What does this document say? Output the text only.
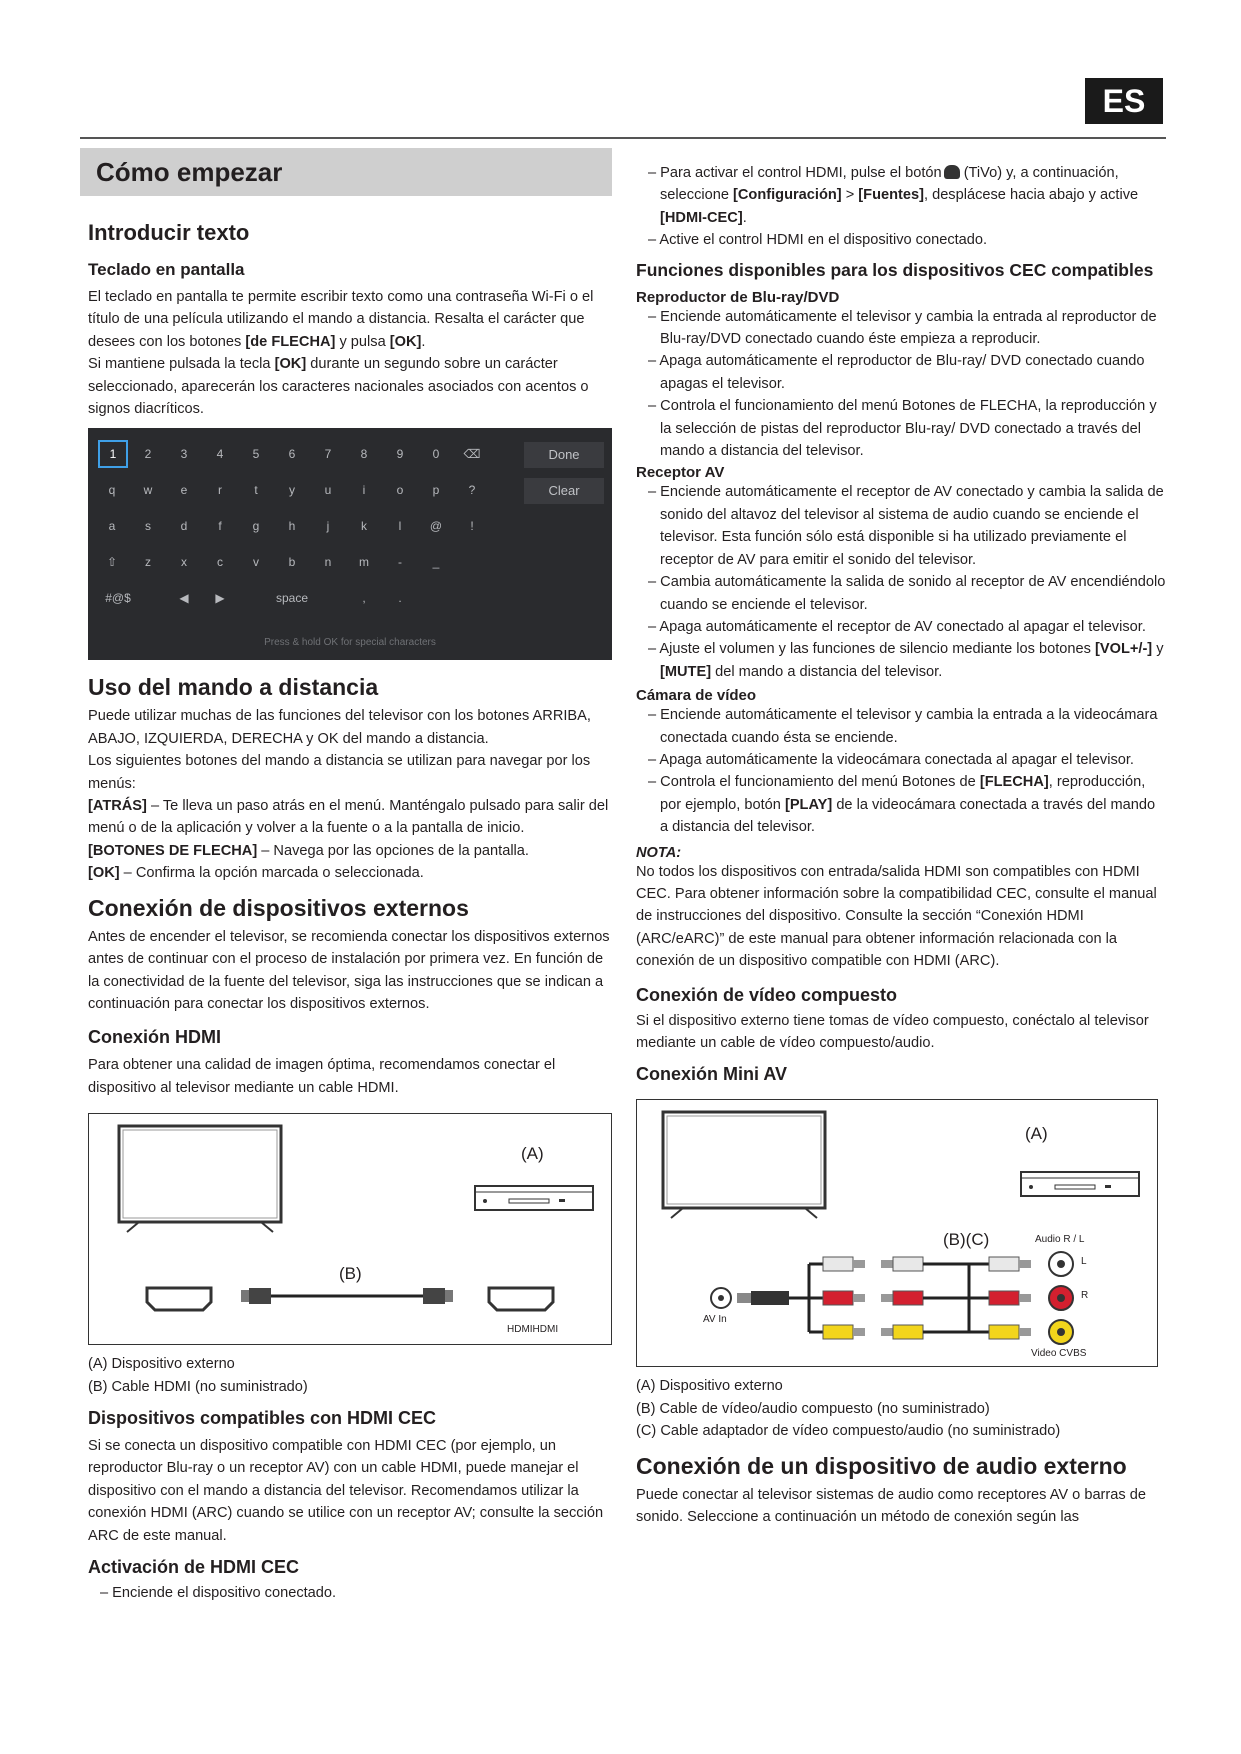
ES
Cómo empezar
Introducir texto
Teclado en pantalla

El teclado en pantalla te permite escribir texto como una contraseña Wi-Fi o el título de una película utilizando el mando a distancia. Resalta el carácter que desees con los botones [de FLECHA] y pulsa [OK].

Si mantiene pulsada la tecla [OK] durante un segundo sobre un carácter seleccionado, aparecerán los caracteres nacionales asociados con acentos o signos diacríticos.

1	2	3	4	5	6	7	8	9	0	⌫
q	w	e	r	t	y	u	i	o	p	?
a	s	d	f	g	h	j	k	l	@	!
⇧	z	x	c	v	b	n	m	-	_
#@$	◀	▶	space	,	.
Done
Clear
Press & hold OK for special characters
Uso del mando a distancia

Puede utilizar muchas de las funciones del televisor con los botones ARRIBA, ABAJO, IZQUIERDA, DERECHA y OK del mando a distancia.

Los siguientes botones del mando a distancia se utilizan para navegar por los menús:

[ATRÁS] – Te lleva un paso atrás en el menú. Manténgalo pulsado para salir del menú o de la aplicación y volver a la fuente o a la pantalla de inicio.

[BOTONES DE FLECHA] – Navega por las opciones de la pantalla.

[OK] – Confirma la opción marcada o seleccionada.

Conexión de dispositivos externos

Antes de encender el televisor, se recomienda conectar los dispositivos externos antes de continuar con el proceso de instalación por primera vez. En función de la conectividad de la fuente del televisor, siga las instrucciones que se indican a continuación para conectar los dispositivos externos.

Conexión HDMI

Para obtener una calidad de imagen óptima, recomendamos conectar el dispositivo al televisor mediante un cable HDMI.

(A)
(B)
HDMIHDMI
(A) Dispositivo externo
(B) Cable HDMI (no suministrado)
Dispositivos compatibles con HDMI CEC

Si se conecta un dispositivo compatible con HDMI CEC (por ejemplo, un reproductor Blu-ray o un receptor AV) con un cable HDMI, puede manejar el dispositivo con el mando a distancia del televisor. Recomendamos utilizar la conexión HDMI (ARC) cuando se utilice con un receptor AV; consulte la sección ARC de este manual.

Activación de HDMI CEC
– Enciende el dispositivo conectado.
– Para activar el control HDMI, pulse el botón (TiVo) y, a continuación, seleccione [Configuración] > [Fuentes], desplácese hacia abajo y active [HDMI-CEC].
– Active el control HDMI en el dispositivo conectado.
Funciones disponibles para los dispositivos CEC compatibles
Reproductor de Blu-ray/DVD
– Enciende automáticamente el televisor y cambia la entrada al reproductor de Blu-ray/DVD conectado cuando éste empieza a reproducir.
– Apaga automáticamente el reproductor de Blu-ray/ DVD conectado cuando apagas el televisor.
– Controla el funcionamiento del menú Botones de FLECHA, la reproducción y la selección de pistas del reproductor Blu-ray/ DVD conectado a través del mando a distancia del televisor.
Receptor AV
– Enciende automáticamente el receptor de AV conectado y cambia la salida de sonido del altavoz del televisor al sistema de audio cuando se enciende el televisor. Esta función sólo está disponible si ha utilizado previamente el receptor de AV para emitir el sonido del televisor.
– Cambia automáticamente la salida de sonido al receptor de AV encendiéndolo cuando se enciende el televisor.
– Apaga automáticamente el receptor de AV conectado al apagar el televisor.
– Ajuste el volumen y las funciones de silencio mediante los botones [VOL+/-] y [MUTE] del mando a distancia del televisor.
Cámara de vídeo
– Enciende automáticamente el televisor y cambia la entrada a la videocámara conectada cuando ésta se enciende.
– Apaga automáticamente la videocámara conectada al apagar el televisor.
– Controla el funcionamiento del menú Botones de [FLECHA], reproducción, por ejemplo, botón [PLAY] de la videocámara conectada a través del mando a distancia del televisor.
NOTA:

No todos los dispositivos con entrada/salida HDMI son compatibles con HDMI CEC. Para obtener información sobre la compatibilidad CEC, consulte el manual de instrucciones del dispositivo. Consulte la sección “Conexión HDMI (ARC/eARC)” de este manual para obtener información relacionada con la conexión de un dispositivo compatible con HDMI (ARC).

Conexión de vídeo compuesto

Si el dispositivo externo tiene tomas de vídeo compuesto, conéctalo al televisor mediante un cable de vídeo compuesto/audio.

Conexión Mini AV
(A)
(B)(C)	Audio R / L
L
R
AV In
Video CVBS
(A) Dispositivo externo
(B) Cable de vídeo/audio compuesto (no suministrado)
(C) Cable adaptador de vídeo compuesto/audio (no suministrado)
Conexión de un dispositivo de audio externo

Puede conectar al televisor sistemas de audio como receptores AV o barras de sonido. Seleccione a continuación un método de conexión según las
